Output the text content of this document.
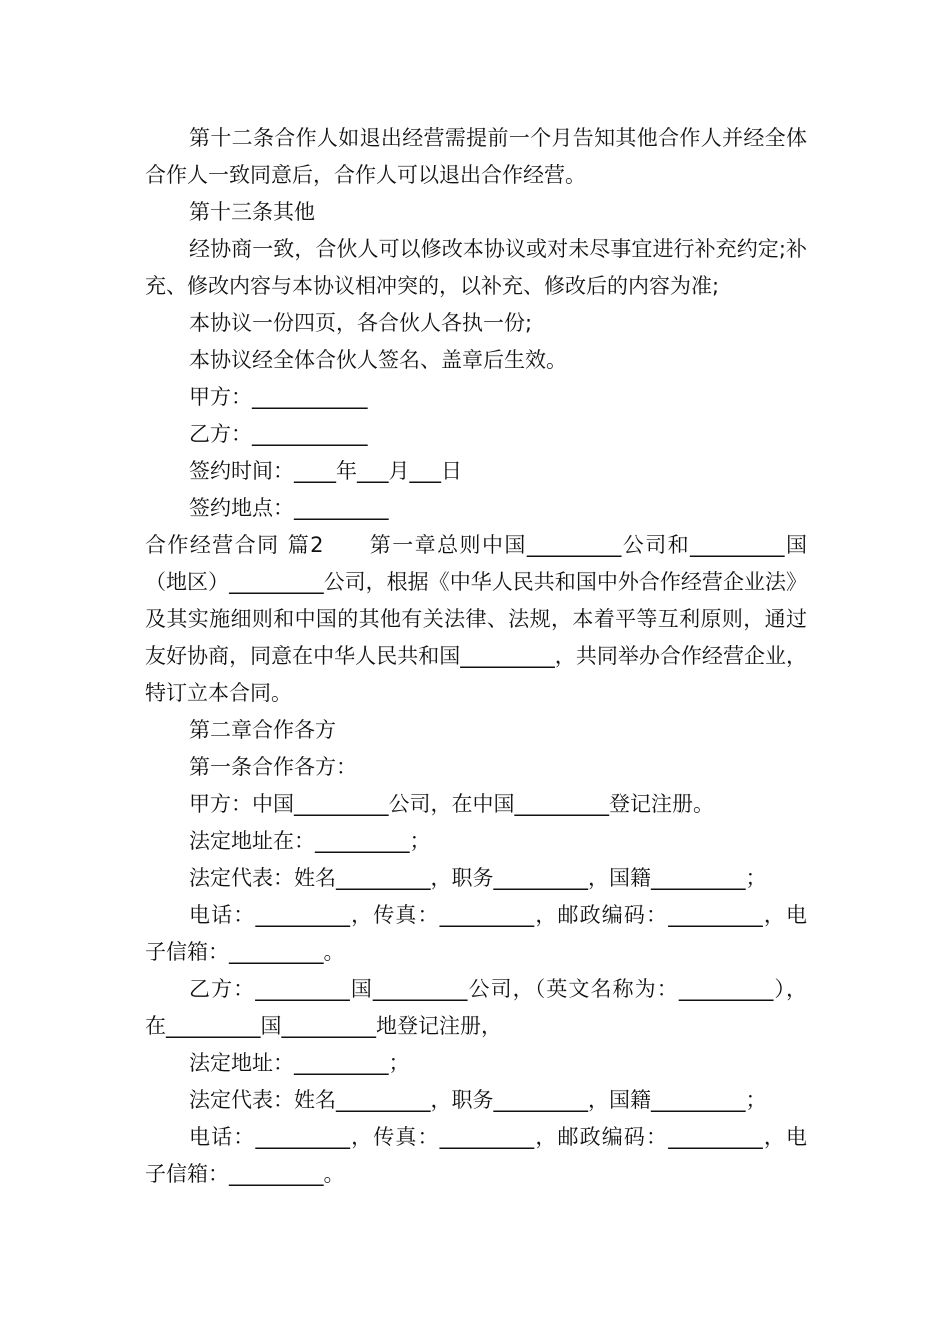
第十二条合作人如退出经营需提前一个月告知其他合作人并经全体合作人一致同意后，合作人可以退出合作经营。

第十三条其他

经协商一致，合伙人可以修改本协议或对未尽事宜进行补充约定;补充、修改内容与本协议相冲突的，以补充、修改后的内容为准;

本协议一份四页，各合伙人各执一份;

本协议经全体合伙人签名、盖章后生效。

甲方：___________

乙方：___________

签约时间：____年___月___日

签约地点：_________

合作经营合同 篇2　　第一章总则中国_________公司和_________国（地区）_________公司，根据《中华人民共和国中外合作经营企业法》及其实施细则和中国的其他有关法律、法规，本着平等互利原则，通过友好协商，同意在中华人民共和国_________，共同举办合作经营企业，特订立本合同。

第二章合作各方

第一条合作各方：

甲方：中国_________公司，在中国_________登记注册。

法定地址在：_________；

法定代表：姓名_________，职务_________，国籍_________；

电话：_________，传真：_________，邮政编码：_________，电子信箱：_________。

乙方：_________国_________公司，（英文名称为：_________），在_________国_________地登记注册，

法定地址：_________；

法定代表：姓名_________，职务_________，国籍_________；

电话：_________，传真：_________，邮政编码：_________，电子信箱：_________。
